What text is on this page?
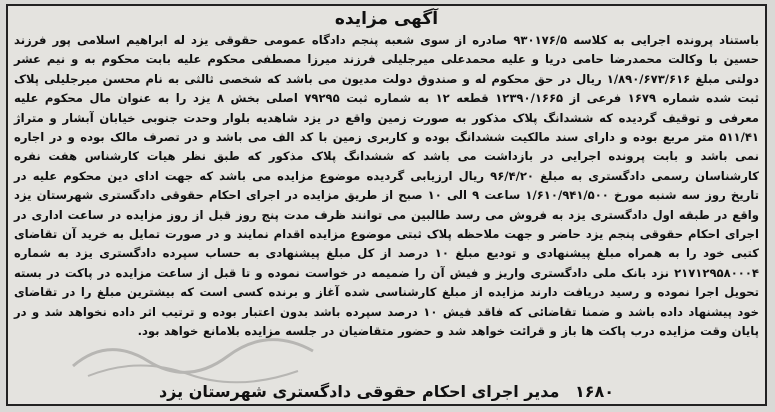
آگهی مزایده
باستناد پرونده اجرایی به کلاسه ۹۳۰۱۷۶/۵ صادره از سوی شعبه پنجم دادگاه عمومی حقوقی یزد له ابراهیم اسلامی پور فرزند حسین با وکالت محمدرضا حامی دریا و علیه محمدعلی میرجلیلی فرزند میرزا مصطفی محکوم علیه بابت محکوم به و نیم عشر دولتی مبلغ ۱/۸۹۰/۶۷۳/۶۱۶ ریال در حق محکوم له و صندوق دولت مدیون می باشد که شخصی ثالثی به نام محسن میرجلیلی پلاک ثبت شده شماره ۱۶۷۹ فرعی از ۱۲۳۹۰/۱۶۶۵ قطعه ۱۲ به شماره ثبت ۷۹۲۹۵ اصلی بخش ۸ یزد را به عنوان مال محکوم علیه معرفی و توقیف گردیده که ششدانگ پلاک مذکور به صورت زمین واقع در یزد شاهدیه بلوار وحدت جنوبی خیابان آبشار و متراژ ۵۱۱/۴۱ متر مربع بوده و دارای سند مالکیت ششدانگ بوده و کاربری زمین با کد الف می باشد و در تصرف مالک بوده و در اجاره نمی باشد و بابت پرونده اجرایی در بازداشت می باشد که ششدانگ پلاک مذکور که طبق نظر هیات کارشناس هفت نفره کارشناسان رسمی دادگستری به مبلغ ۹۶/۴/۲۰ ریال ارزیابی گردیده موضوع مزایده می باشد که جهت ادای دین محکوم علیه در تاریخ روز سه شنبه مورخ ۱/۶۱۰/۹۴۱/۵۰۰ ساعت ۹ الی ۱۰ صبح از طریق مزایده در اجرای احکام حقوقی دادگستری شهرستان یزد واقع در طبقه اول دادگستری یزد به فروش می رسد طالبین می توانند ظرف مدت پنج روز قبل از روز مزایده در ساعت اداری در اجرای احکام حقوقی پنجم یزد حاضر و جهت ملاحظه پلاک ثبتی موضوع مزایده اقدام نمایند و در صورت تمایل به خرید آن تقاضای کتبی خود را به همراه مبلغ پیشنهادی و تودیع مبلغ ۱۰ درصد از کل مبلغ پیشنهادی به حساب سپرده دادگستری یزد به شماره ۲۱۷۱۲۹۵۸۰۰۰۴ نزد بانک ملی دادگستری واریز و فیش آن را ضمیمه در خواست نموده و تا قبل از ساعت مزایده در پاکت در بسته تحویل اجرا نموده و رسید دریافت دارند مزایده از مبلغ کارشناسی شده آغاز و برنده کسی است که بیشترین مبلغ را در تقاضای خود پیشنهاد داده باشد و ضمنا تقاضائی که فاقد فیش ۱۰ درصد سپرده باشد بدون اعتبار بوده و ترتیب اثر داده نخواهد شد و در پایان وقت مزایده درب پاکت ها باز و قرائت خواهد شد و حضور متقاضیان در جلسه مزایده بلامانع خواهد بود.
۱۶۸۰ مدیر اجرای احکام حقوقی دادگستری شهرستان یزد
